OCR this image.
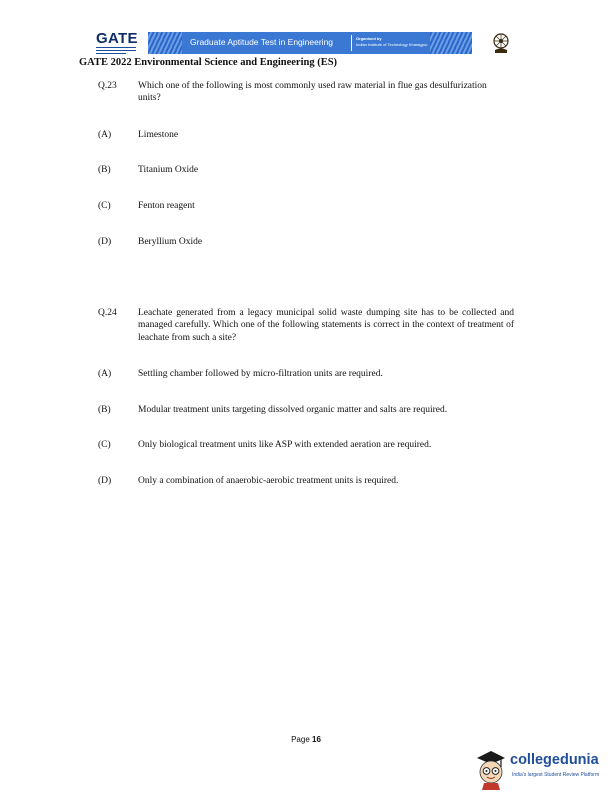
GATE	Graduate Aptitude Test in Engineering	Organised by
Indian Institute of Technology Kharagpur
GATE 2022 Environmental Science and Engineering (ES)
Q.23 Which one of the following is most commonly used raw material in flue gas desulfurization units?
(A)	Limestone
(B)	Titanium Oxide
(C)	Fenton reagent
(D)	Beryllium Oxide
Q.24 Leachate generated from a legacy municipal solid waste dumping site has to be collected and managed carefully. Which one of the following statements is correct in the context of treatment of leachate from such a site?
(A)	Settling chamber followed by micro-filtration units are required.
(B)	Modular treatment units targeting dissolved organic matter and salts are required.
(C)	Only biological treatment units like ASP with extended aeration are required.
(D)	Only a combination of anaerobic-aerobic treatment units is required.
Page 16
collegedunia
India's largest Student Review Platform
